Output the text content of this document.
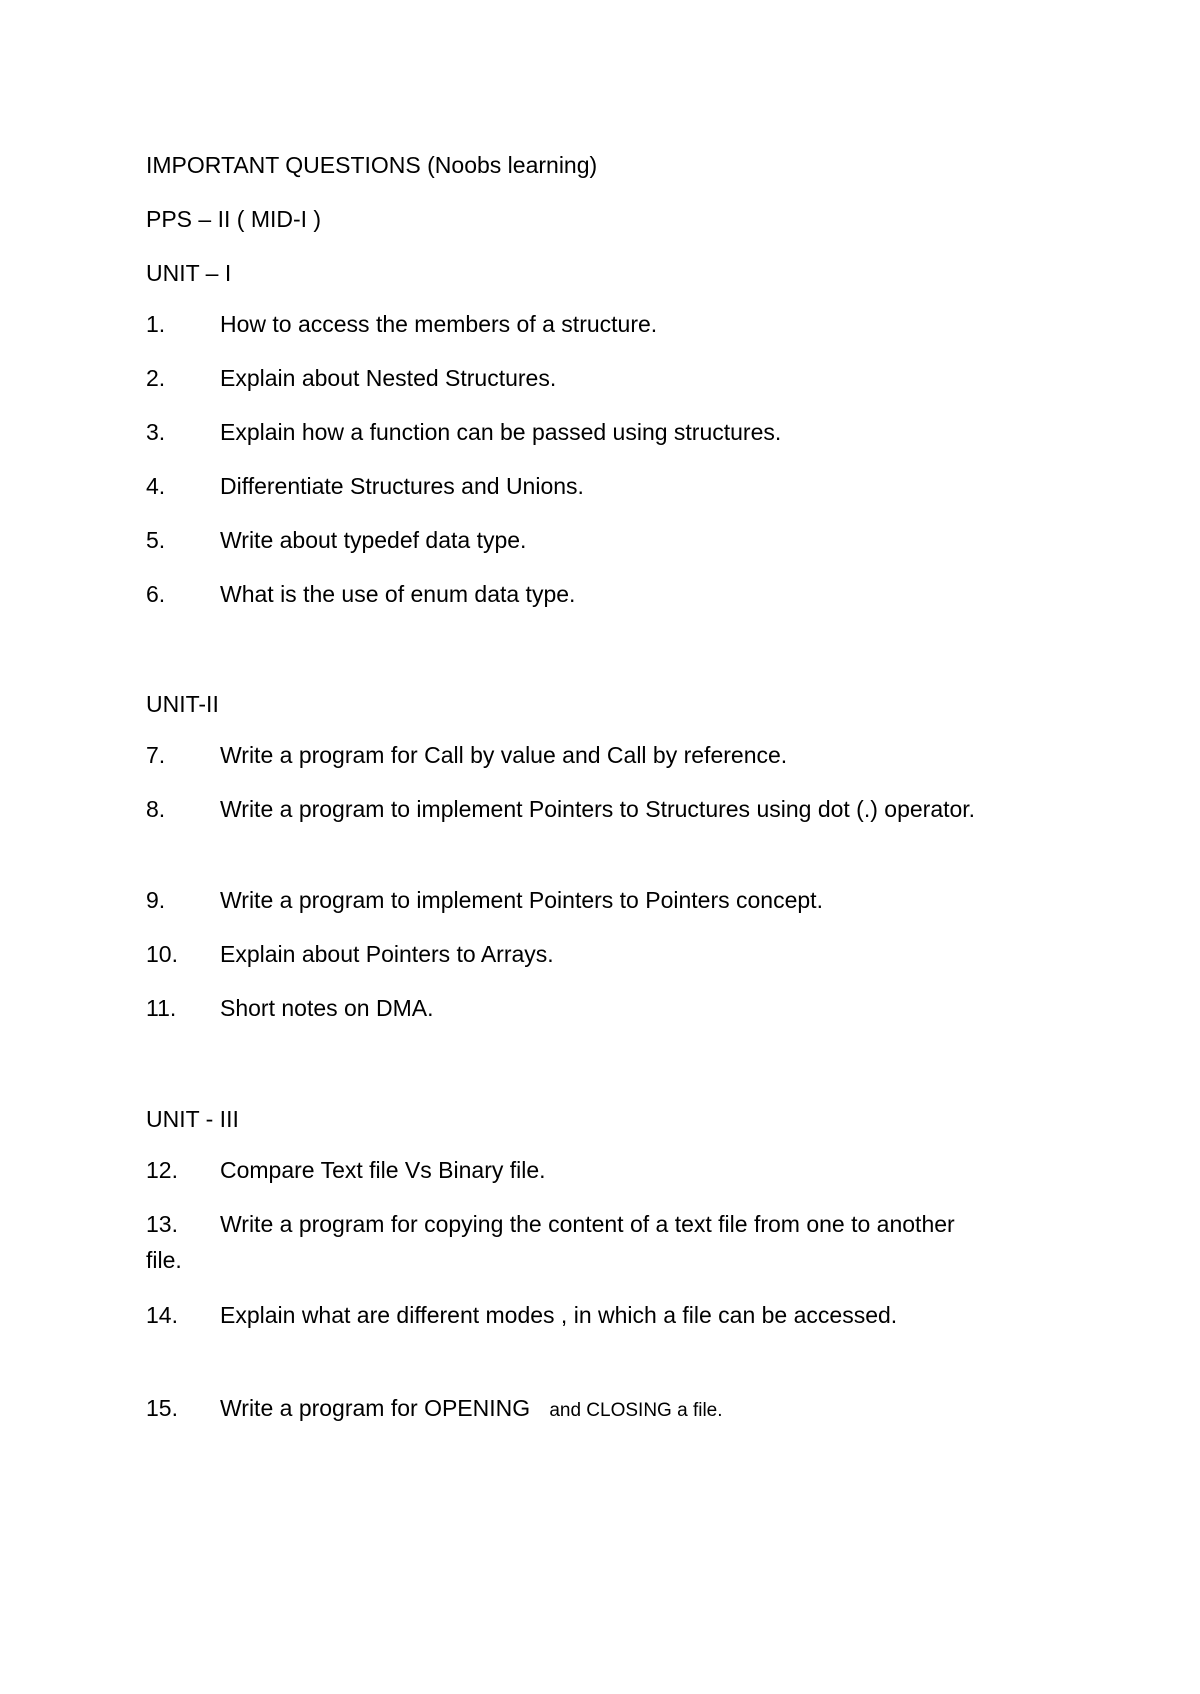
IMPORTANT QUESTIONS (Noobs learning)
PPS – II ( MID-I )
UNIT – I
1. How to access the members of a structure.
2. Explain about Nested Structures.
3. Explain how a function can be passed using structures.
4. Differentiate Structures and Unions.
5. Write about typedef data type.
6. What is the use of enum data type.
UNIT-II
7. Write a program for Call by value and Call by reference.
8. Write a program to implement Pointers to Structures using dot (.) operator.
9. Write a program to implement Pointers to Pointers concept.
10. Explain about Pointers to Arrays.
11. Short notes on DMA.
UNIT - III
12. Compare Text file Vs Binary file.
13. Write a program for copying the content of a text file from one to another file.
14. Explain what are different modes , in which a file can be accessed.
15. Write a program for OPENING and CLOSING a file.
